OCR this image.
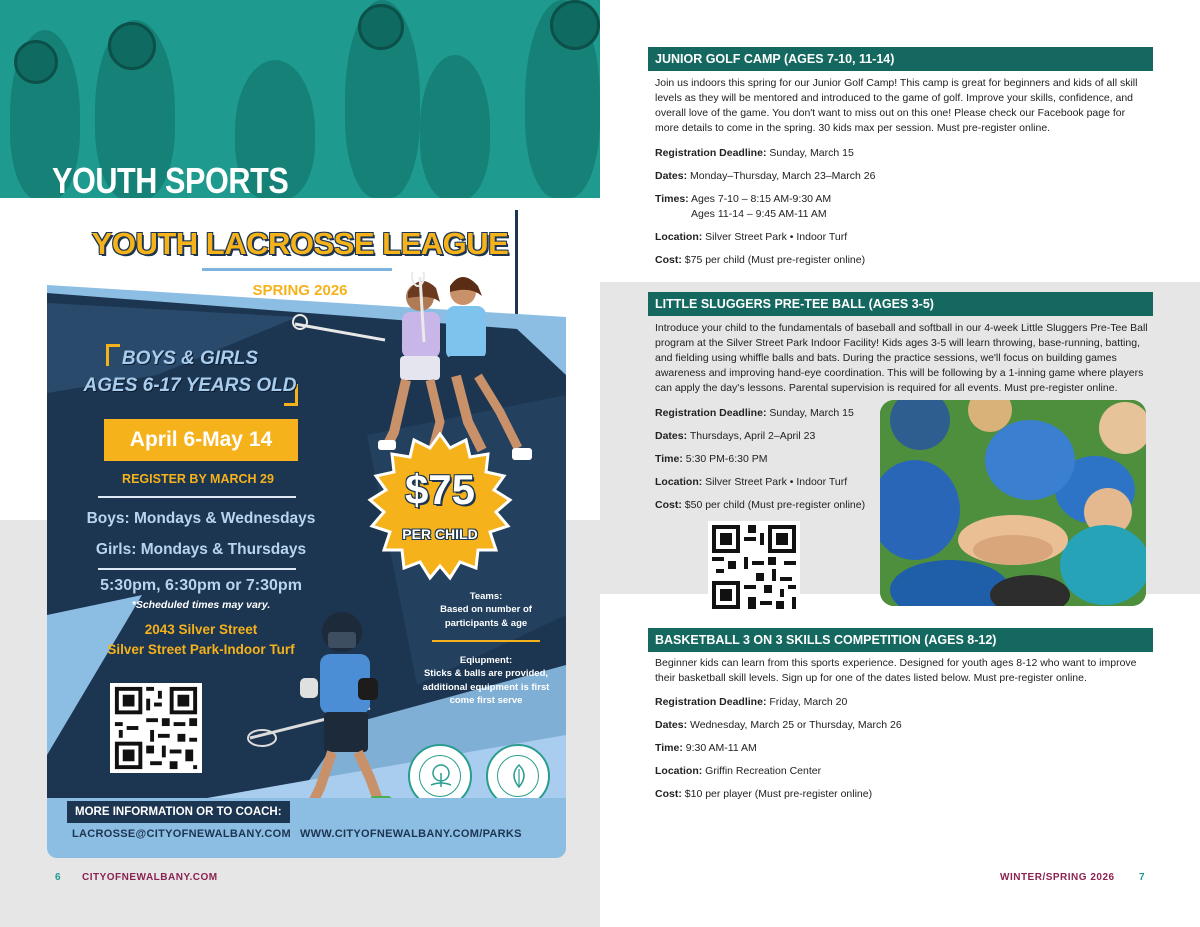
YOUTH SPORTS
YOUTH LACROSSE LEAGUE
SPRING 2026
BOYS & GIRLS
AGES 6-17 YEARS OLD
April 6-May 14
REGISTER BY MARCH 29
Boys: Mondays & Wednesdays
Girls: Mondays & Thursdays
5:30pm, 6:30pm or 7:30pm
*Scheduled times may vary.
2043 Silver Street
Silver Street Park-Indoor Turf
$75
PER CHILD
Teams:
Based on number of participants & age
Eqiupment:
Sticks & balls are provided, additional equipment is first come first serve
MORE INFORMATION OR TO COACH:
LACROSSE@CITYOFNEWALBANY.COM WWW.CITYOFNEWALBANY.COM/PARKS
6 CITYOFNEWALBANY.COM
JUNIOR GOLF CAMP (AGES 7-10, 11-14)
Join us indoors this spring for our Junior Golf Camp! This camp is great for beginners and kids of all skill levels as they will be mentored and introduced to the game of golf. Improve your skills, confidence, and overall love of the game. You don't want to miss out on this one! Please check our Facebook page for more details to come in the spring. 30 kids max per session. Must pre-register online.
Registration Deadline: Sunday, March 15
Dates: Monday–Thursday, March 23–March 26
Times: Ages 7-10 – 8:15 AM-9:30 AM
Ages 11-14 – 9:45 AM-11 AM
Location: Silver Street Park • Indoor Turf
Cost: $75 per child (Must pre-register online)
LITTLE SLUGGERS PRE-TEE BALL (AGES 3-5)
Introduce your child to the fundamentals of baseball and softball in our 4-week Little Sluggers Pre-Tee Ball program at the Silver Street Park Indoor Facility! Kids ages 3-5 will learn throwing, base-running, batting, and fielding using whiffle balls and bats. During the practice sessions, we'll focus on building games awareness and improving hand-eye coordination. This will be following by a 1-inning game where players can apply the day's lessons. Parental supervision is required for all events. Must pre-register online.
Registration Deadline: Sunday, March 15
Dates: Thursdays, April 2–April 23
Time: 5:30 PM-6:30 PM
Location: Silver Street Park • Indoor Turf
Cost: $50 per child (Must pre-register online)
BASKETBALL 3 ON 3 SKILLS COMPETITION (AGES 8-12)
Beginner kids can learn from this sports experience. Designed for youth ages 8-12 who want to improve their basketball skill levels. Sign up for one of the dates listed below. Must pre-register online.
Registration Deadline: Friday, March 20
Dates: Wednesday, March 25 or Thursday, March 26
Time: 9:30 AM-11 AM
Location: Griffin Recreation Center
Cost: $10 per player (Must pre-register online)
WINTER/SPRING 2026 7
